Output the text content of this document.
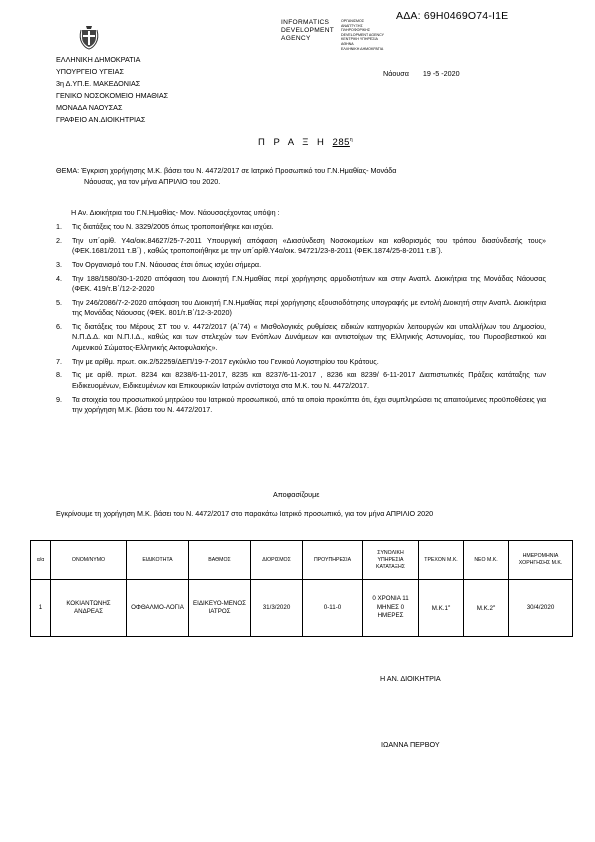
ΑΔΑ: 69Η0469Ο74-Ι1Ε
INFORMATICS
DEVELOPMENT
AGENCY
ΟΡΓΑΝΙΣΜΟΣ
ΑΝΑΠΤΥΞΗΣ
ΠΛΗΡΟΦΟΡΙΚΗΣ
DEVELOPMENT AGENCY
ΚΕΝΤΡΙΚΗ ΥΠΗΡΕΣΙΑ
ΑΘΗΝΑ
ΕΛΛΗΝΙΚΗ ΔΗΜΟΚΡΑΤΙΑ
ΕΛΛΗΝΙΚΗ ΔΗΜΟΚΡΑΤΙΑ
ΥΠΟΥΡΓΕΙΟ ΥΓΕΙΑΣ
3η Δ.ΥΠ.Ε. ΜΑΚΕΔΟΝΙΑΣ
ΓΕΝΙΚΟ ΝΟΣΟΚΟΜΕΙΟ ΗΜΑΘΙΑΣ
ΜΟΝΑΔΑ ΝΑΟΥΣΑΣ
ΓΡΑΦΕΙΟ ΑΝ.ΔΙΟΙΚΗΤΡΙΑΣ
Νάουσα 19 -5 -2020
Π Ρ Α Ξ Η $285^\eta$
ΘΕΜΑ: Έγκριση χορήγησης Μ.Κ. βάσει του Ν. 4472/2017 σε Ιατρικό Προσωπικό του Γ.Ν.Ημαθίας- Μονάδα
Νάουσας, για τον μήνα ΑΠΡΙΛΙΟ του 2020.
Η Αν. Διοικήτρια του Γ.Ν.Ημαθίας- Μον. Νάουσαςέχοντας υπόψη :
1. Τις διατάξεις του Ν. 3329/2005 όπως τροποποιήθηκε και ισχύει.
2. Την υπ΄αρίθ. Υ4α/οικ.84627/25-7-2011 Υπουργική απόφαση «Διασύνδεση Νοσοκομείων και καθορισμός του τρόπου διασύνδεσής τους» (ΦΕΚ.1681/2011 τ.Β΄) , καθώς τροποποιήθηκε με την υπ΄αρίθ.Υ4α/οικ. 94721/23-8-2011 (ΦΕΚ.1874/25-8-2011 τ.Β΄).
3. Τον Οργανισμό του Γ.Ν. Νάουσας έτσι όπως ισχύει σήμερα.
4. Την 188/1580/30-1-2020 απόφαση του Διοικητή Γ.Ν.Ημαθίας περί χορήγησης αρμοδιοτήτων και στην Αναπλ. Διοικήτρια της Μονάδας Νάουσας (ΦΕΚ. 419/τ.Β΄/12-2-2020
5. Την 246/2086/7-2-2020 απόφαση του Διοικητή Γ.Ν.Ημαθίας περί χορήγησης εξουσιοδότησης υπογραφής με εντολή Διοικητή στην Αναπλ. Διοικήτρια της Μονάδας Νάουσας (ΦΕΚ. 801/τ.Β΄/12-3-2020)
6. Τις διατάξεις του Μέρους ΣΤ του ν. 4472/2017 (Α΄74) « Μισθολογικές ρυθμίσεις ειδικών κατηγοριών λειτουργών και υπαλλήλων του Δημοσίου, Ν.Π.Δ.Δ. και Ν.Π.Ι.Δ., καθώς και των στελεχών των Ενόπλων Δυνάμεων και αντιστοίχων της Ελληνικής Αστυνομίας, του Πυροσβεστικού και Λιμενικού Σώματος-Ελληνικής Ακτοφυλακής».
7. Την με αρίθμ. πρωτ. οικ.2/52259/ΔΕΠ/19-7-2017 εγκύκλιο του Γενικού Λογιστηρίου του Κράτους.
8. Τις με αρίθ. πρωτ. 8234 και 8238/6-11-2017, 8235 και 8237/6-11-2017 , 8236 και 8239/ 6-11-2017 Διαπιστωτικές Πράξεις κατάταξης των Ειδικευομένων, Ειδικευμένων και Επικουρικών Ιατρών αντίστοιχα στα Μ.Κ. του Ν. 4472/2017.
9. Τα στοιχεία του προσωπικού μητρώου του Ιατρικού προσωπικού, από τα οποία προκύπτει ότι, έχει συμπληρώσει τις απαιτούμενες προϋποθέσεις για την χορήγηση Μ.Κ. βάσει του Ν. 4472/2017.
Αποφασίζουμε
Εγκρίνουμε τη χορήγηση Μ.Κ. βάσει του Ν. 4472/2017 στο παρακάτω Ιατρικό προσωπικό, για τον μήνα ΑΠΡΙΛΙΟ 2020
α/α	ΟΝΟΜ/ΝΥΜΟ	ΕΙΔΙΚΟΤΗΤΑ	ΒΑΘΜΟΣ	ΔΙΟΡΙΣΜΟΣ	ΠΡΟΥΠΗΡΕΣΙΑ	ΣΥΝΟΛΙΚΗ ΥΠΗΡΕΣΙΑ ΚΑΤΑΤΑΞΗΣ	ΤΡΕΧΟΝ Μ.Κ.	ΝΕΟ Μ.Κ.	ΗΜΕΡΟΜΗΝΙΑ ΧΟΡΗΓΗΣΗΣ Μ.Κ.
1	ΚΟΚΙΑΝΤΩΝΗΣ ΑΝΔΡΕΑΣ	ΟΦΘΑΛΜΟ-ΛΟΓΙΑ	ΕΙΔΙΚΕΥΟ-ΜΕΝΟΣ ΙΑΤΡΟΣ	31/3/2020	0-11-0	0 ΧΡΟΝΙΑ 11 ΜΗΝΕΣ 0 ΗΜΕΡΕΣ	$M.K.1^o$	$M.K.2^o$	30/4/2020
Η ΑΝ. ΔΙΟΙΚΗΤΡΙΑ
ΙΩΑΝΝΑ ΠΕΡΒΟΥ
